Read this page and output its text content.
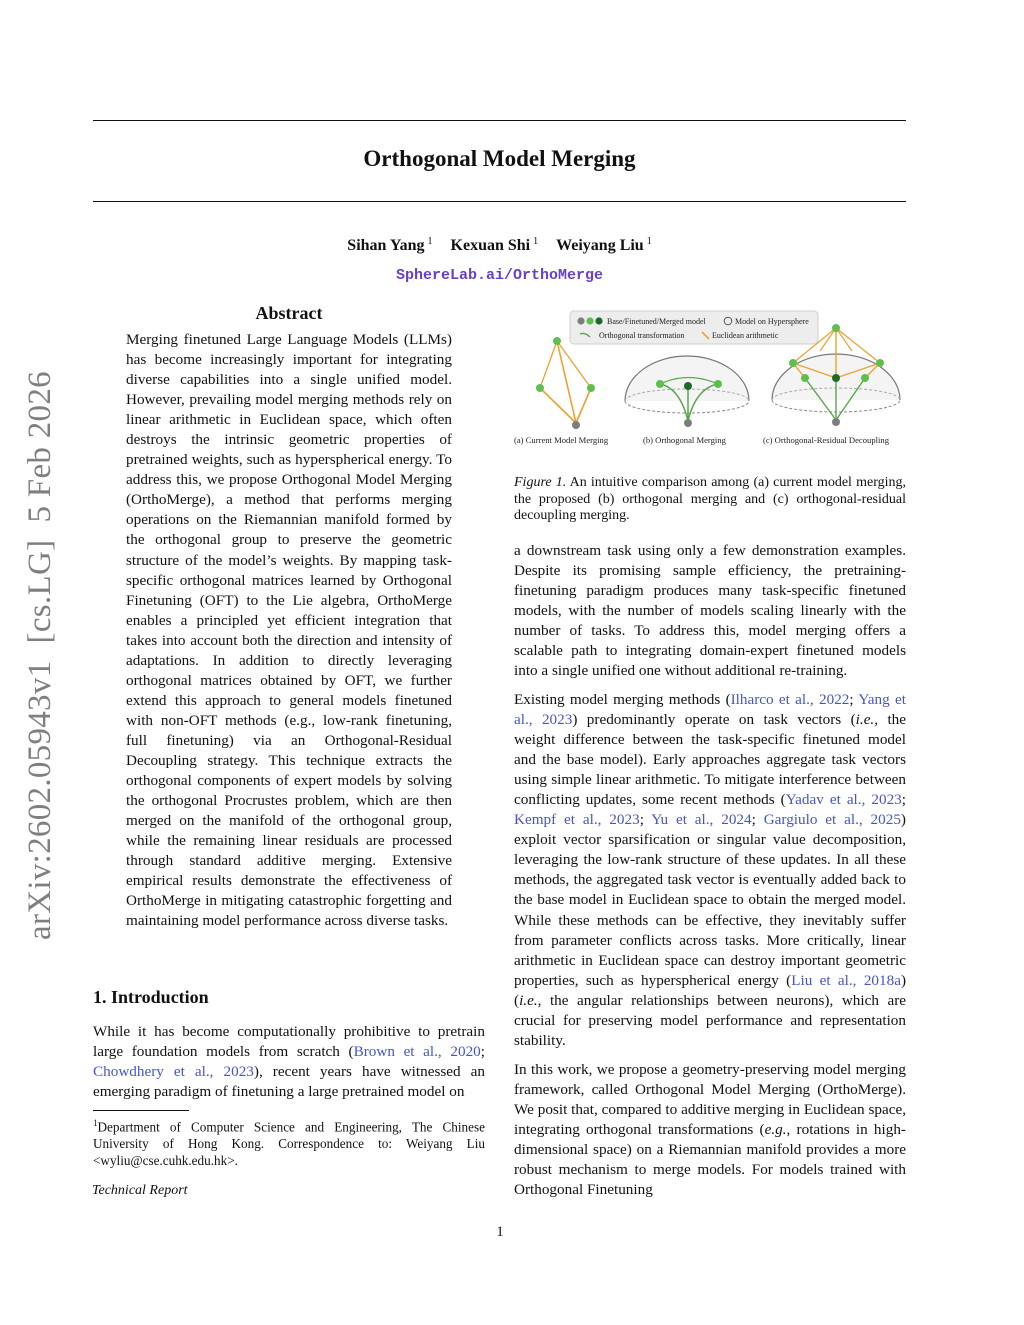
arXiv:2602.05943v1  [cs.LG]  5 Feb 2026
Orthogonal Model Merging
Sihan Yang $^1$ Kexuan Shi $^1$ Weiyang Liu $^1$
SphereLab.ai/OrthoMerge
Abstract

Merging finetuned Large Language Models (LLMs) has become increasingly important for integrating diverse capabilities into a single unified model. However, prevailing model merging methods rely on linear arithmetic in Euclidean space, which often destroys the intrinsic geometric properties of pretrained weights, such as hyperspherical energy. To address this, we propose Orthogonal Model Merging (OrthoMerge), a method that performs merging operations on the Riemannian manifold formed by the orthogonal group to preserve the geometric structure of the model’s weights. By mapping task-specific orthogonal matrices learned by Orthogonal Finetuning (OFT) to the Lie algebra, OrthoMerge enables a principled yet efficient integration that takes into account both the direction and intensity of adaptations. In addition to directly leveraging orthogonal matrices obtained by OFT, we further extend this approach to general models finetuned with non-OFT methods (e.g., low-rank finetuning, full finetuning) via an Orthogonal-Residual Decoupling strategy. This technique extracts the orthogonal components of expert models by solving the orthogonal Procrustes problem, which are then merged on the manifold of the orthogonal group, while the remaining linear residuals are processed through standard additive merging. Extensive empirical results demonstrate the effectiveness of OrthoMerge in mitigating catastrophic forgetting and maintaining model performance across diverse tasks.

1. Introduction

While it has become computationally prohibitive to pretrain large foundation models from scratch (Brown et al., 2020; Chowdhery et al., 2023), recent years have witnessed an emerging paradigm of finetuning a large pretrained model on

$^1$Department of Computer Science and Engineering, The Chinese University of Hong Kong. Correspondence to: Weiyang Liu <wyliu@cse.cuhk.edu.hk>.
Technical Report
1
Base/Finetuned/Merged model	Model on Hypersphere
Orthogonal transformation	Euclidean arithmetic
(a) Current Model Merging	(b) Orthogonal Merging	(c) Orthogonal-Residual Decoupling

Figure 1. An intuitive comparison among (a) current model merging, the proposed (b) orthogonal merging and (c) orthogonal-residual decoupling merging.

a downstream task using only a few demonstration examples. Despite its promising sample efficiency, the pretraining-finetuning paradigm produces many task-specific finetuned models, with the number of models scaling linearly with the number of tasks. To address this, model merging offers a scalable path to integrating domain-expert finetuned models into a single unified one without additional re-training.

Existing model merging methods (Ilharco et al., 2022; Yang et al., 2023) predominantly operate on task vectors (i.e., the weight difference between the task-specific finetuned model and the base model). Early approaches aggregate task vectors using simple linear arithmetic. To mitigate interference between conflicting updates, some recent methods (Yadav et al., 2023; Kempf et al., 2023; Yu et al., 2024; Gargiulo et al., 2025) exploit vector sparsification or singular value decomposition, leveraging the low-rank structure of these updates. In all these methods, the aggregated task vector is eventually added back to the base model in Euclidean space to obtain the merged model. While these methods can be effective, they inevitably suffer from parameter conflicts across tasks. More critically, linear arithmetic in Euclidean space can destroy important geometric properties, such as hyperspherical energy (Liu et al., 2018a) (i.e., the angular relationships between neurons), which are crucial for preserving model performance and representation stability.

In this work, we propose a geometry-preserving model merging framework, called Orthogonal Model Merging (OrthoMerge). We posit that, compared to additive merging in Euclidean space, integrating orthogonal transformations (e.g., rotations in high-dimensional space) on a Riemannian manifold provides a more robust mechanism to merge models. For models trained with Orthogonal Finetuning
